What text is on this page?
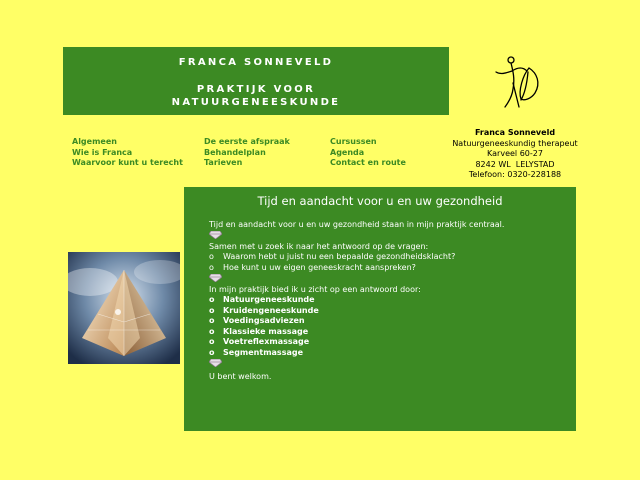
FRANCA SONNEVELD
PRAKTIJK VOOR
NATUURGENEESKUNDE
Algemeen
Wie is Franca
Waarvoor kunt u terecht
De eerste afspraak
Behandelplan
Tarieven
Cursussen
Agenda
Contact en route
Franca Sonneveld
Natuurgeneeskundig therapeut
Karveel 60-27
8242 WL  LELYSTAD
Telefoon: 0320-228188
Tijd en aandacht voor u en uw gezondheid
Tijd en aandacht voor u en uw gezondheid staan in mijn praktijk centraal.
Samen met u zoek ik naar het antwoord op de vragen:
o Waarom hebt u juist nu een bepaalde gezondheidsklacht?
o Hoe kunt u uw eigen geneeskracht aanspreken?
In mijn praktijk bied ik u zicht op een antwoord door:
o Natuurgeneeskunde
o Kruidengeneeskunde
o Voedingsadviezen
o Klassieke massage
o Voetreflexmassage
o Segmentmassage
U bent welkom.
